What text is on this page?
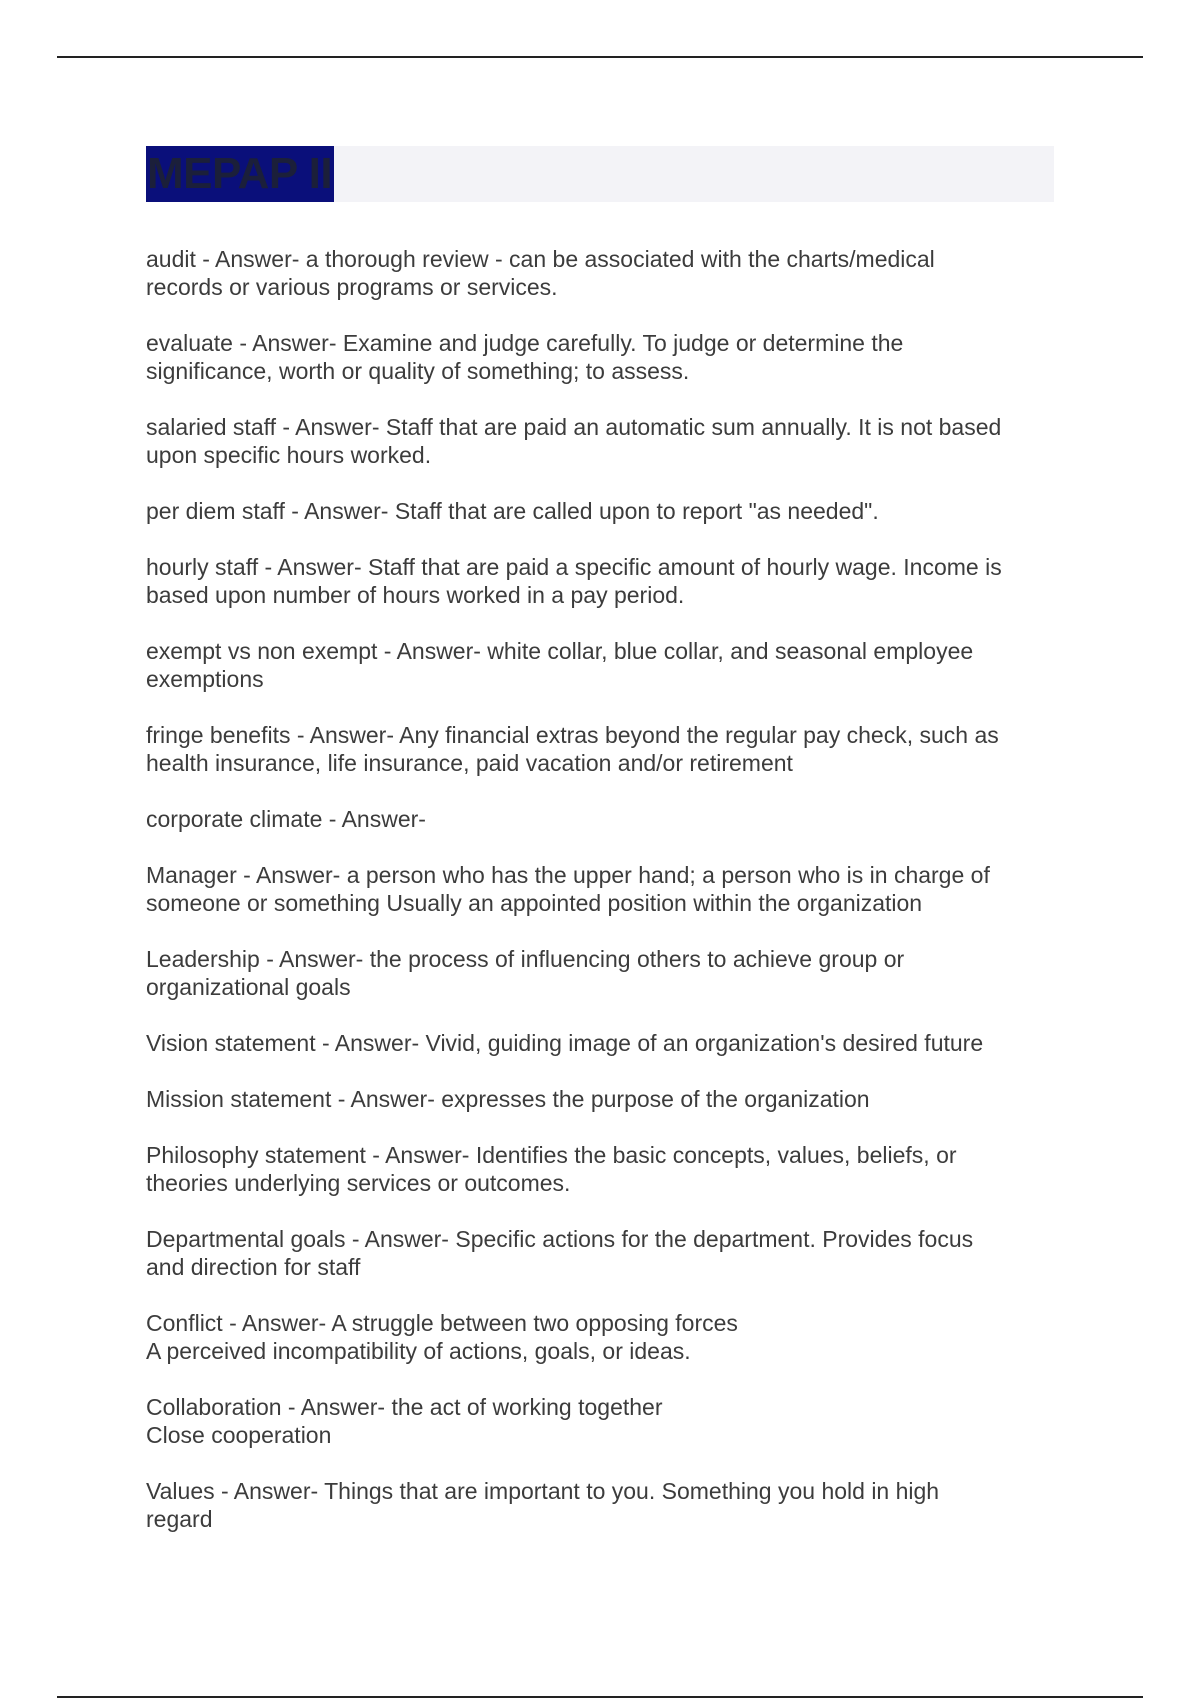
MEPAP II
audit - Answer- a thorough review - can be associated with the charts/medical
records or various programs or services.
evaluate - Answer- Examine and judge carefully. To judge or determine the
significance, worth or quality of something; to assess.
salaried staff - Answer- Staff that are paid an automatic sum annually. It is not based
upon specific hours worked.
per diem staff - Answer- Staff that are called upon to report "as needed".
hourly staff - Answer- Staff that are paid a specific amount of hourly wage. Income is
based upon number of hours worked in a pay period.
exempt vs non exempt - Answer- white collar, blue collar, and seasonal employee
exemptions
fringe benefits - Answer- Any financial extras beyond the regular pay check, such as
health insurance, life insurance, paid vacation and/or retirement
corporate climate - Answer-
Manager - Answer- a person who has the upper hand; a person who is in charge of
someone or something Usually an appointed position within the organization
Leadership - Answer- the process of influencing others to achieve group or
organizational goals
Vision statement - Answer- Vivid, guiding image of an organization's desired future
Mission statement - Answer- expresses the purpose of the organization
Philosophy statement - Answer- Identifies the basic concepts, values, beliefs, or
theories underlying services or outcomes.
Departmental goals - Answer- Specific actions for the department. Provides focus
and direction for staff
Conflict - Answer- A struggle between two opposing forces
A perceived incompatibility of actions, goals, or ideas.
Collaboration - Answer- the act of working together
Close cooperation
Values - Answer- Things that are important to you. Something you hold in high
regard
